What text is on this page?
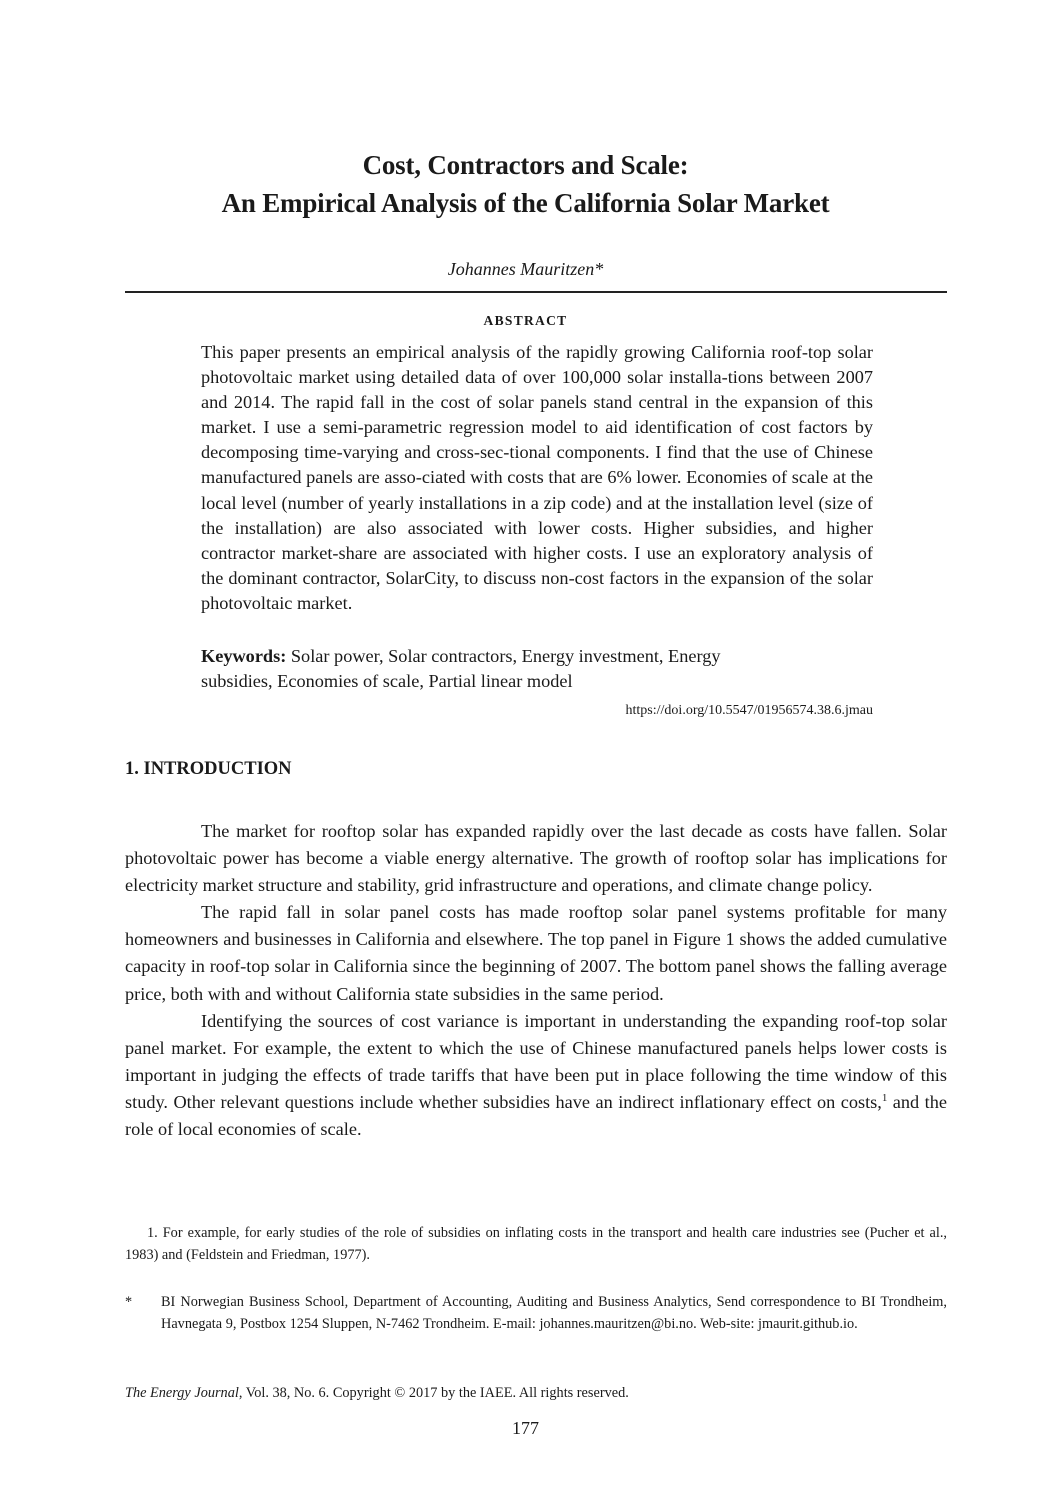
Cost, Contractors and Scale:
An Empirical Analysis of the California Solar Market
Johannes Mauritzen*
ABSTRACT

This paper presents an empirical analysis of the rapidly growing California roof-top solar photovoltaic market using detailed data of over 100,000 solar installa-tions between 2007 and 2014. The rapid fall in the cost of solar panels stand central in the expansion of this market. I use a semi-parametric regression model to aid identification of cost factors by decomposing time-varying and cross-sec-tional components. I find that the use of Chinese manufactured panels are asso-ciated with costs that are 6% lower. Economies of scale at the local level (number of yearly installations in a zip code) and at the installation level (size of the installation) are also associated with lower costs. Higher subsidies, and higher contractor market-share are associated with higher costs. I use an exploratory analysis of the dominant contractor, SolarCity, to discuss non-cost factors in the expansion of the solar photovoltaic market.

Keywords: Solar power, Solar contractors, Energy investment, Energy
subsidies, Economies of scale, Partial linear model
https://doi.org/10.5547/01956574.38.6.jmau
1. INTRODUCTION

The market for rooftop solar has expanded rapidly over the last decade as costs have fallen. Solar photovoltaic power has become a viable energy alternative. The growth of rooftop solar has implications for electricity market structure and stability, grid infrastructure and operations, and climate change policy.

The rapid fall in solar panel costs has made rooftop solar panel systems profitable for many homeowners and businesses in California and elsewhere. The top panel in Figure 1 shows the added cumulative capacity in roof-top solar in California since the beginning of 2007. The bottom panel shows the falling average price, both with and without California state subsidies in the same period.

Identifying the sources of cost variance is important in understanding the expanding roof-top solar panel market. For example, the extent to which the use of Chinese manufactured panels helps lower costs is important in judging the effects of trade tariffs that have been put in place following the time window of this study. Other relevant questions include whether subsidies have an indirect inflationary effect on costs,$^1$ and the role of local economies of scale.

1. For example, for early studies of the role of subsidies on inflating costs in the transport and health care industries see (Pucher et al., 1983) and (Feldstein and Friedman, 1977).

* BI Norwegian Business School, Department of Accounting, Auditing and Business Analytics, Send correspondence to BI Trondheim, Havnegata 9, Postbox 1254 Sluppen, N-7462 Trondheim. E-mail: johannes.mauritzen@bi.no. Web-site: jmaurit.github.io.

The Energy Journal, Vol. 38, No. 6. Copyright © 2017 by the IAEE. All rights reserved.
177
